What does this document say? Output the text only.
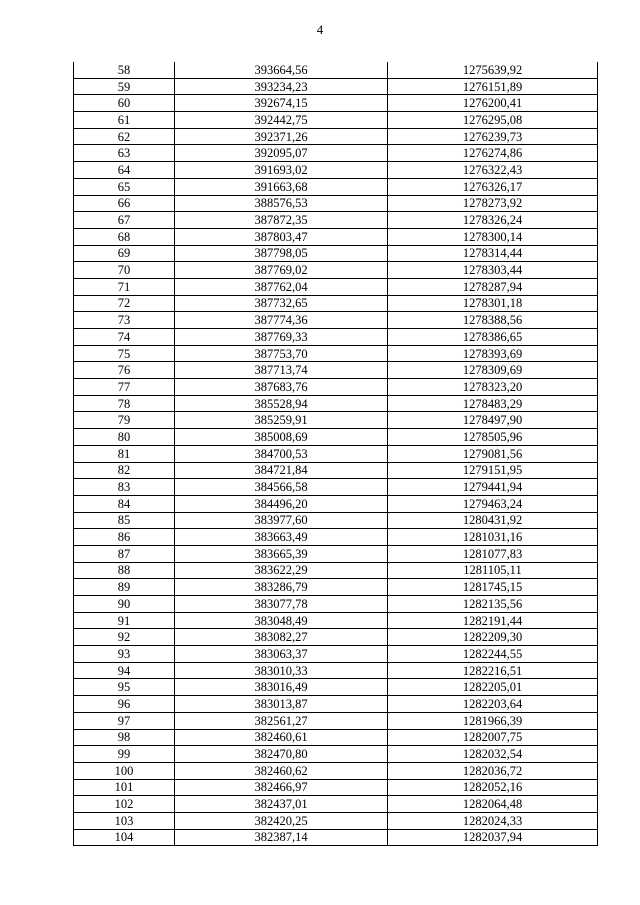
4
58	393664,56	1275639,92
59	393234,23	1276151,89
60	392674,15	1276200,41
61	392442,75	1276295,08
62	392371,26	1276239,73
63	392095,07	1276274,86
64	391693,02	1276322,43
65	391663,68	1276326,17
66	388576,53	1278273,92
67	387872,35	1278326,24
68	387803,47	1278300,14
69	387798,05	1278314,44
70	387769,02	1278303,44
71	387762,04	1278287,94
72	387732,65	1278301,18
73	387774,36	1278388,56
74	387769,33	1278386,65
75	387753,70	1278393,69
76	387713,74	1278309,69
77	387683,76	1278323,20
78	385528,94	1278483,29
79	385259,91	1278497,90
80	385008,69	1278505,96
81	384700,53	1279081,56
82	384721,84	1279151,95
83	384566,58	1279441,94
84	384496,20	1279463,24
85	383977,60	1280431,92
86	383663,49	1281031,16
87	383665,39	1281077,83
88	383622,29	1281105,11
89	383286,79	1281745,15
90	383077,78	1282135,56
91	383048,49	1282191,44
92	383082,27	1282209,30
93	383063,37	1282244,55
94	383010,33	1282216,51
95	383016,49	1282205,01
96	383013,87	1282203,64
97	382561,27	1281966,39
98	382460,61	1282007,75
99	382470,80	1282032,54
100	382460,62	1282036,72
101	382466,97	1282052,16
102	382437,01	1282064,48
103	382420,25	1282024,33
104	382387,14	1282037,94
